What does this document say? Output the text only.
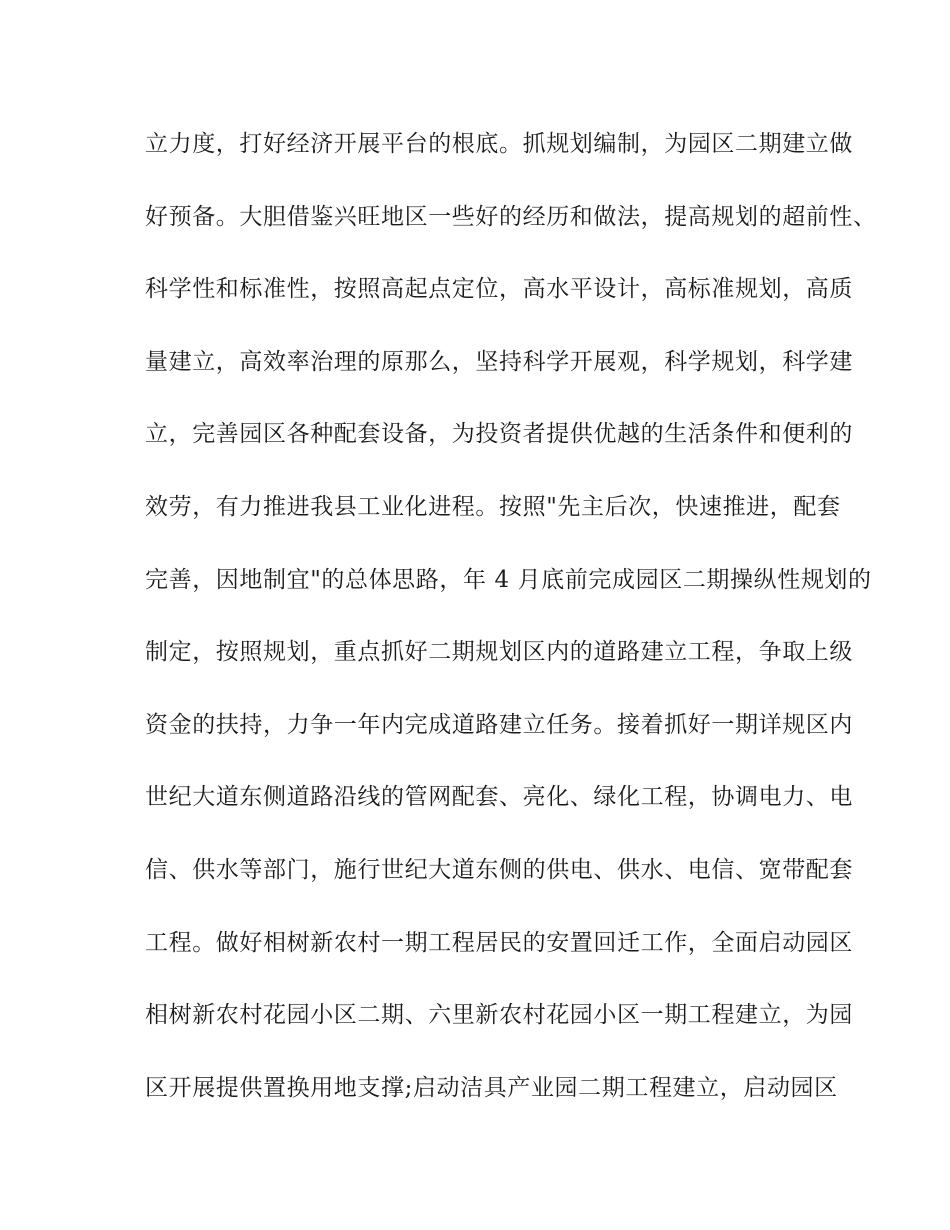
立力度，打好经济开展平台的根底。抓规划编制，为园区二期建立做
好预备。大胆借鉴兴旺地区一些好的经历和做法，提高规划的超前性、
科学性和标准性，按照高起点定位，高水平设计，高标准规划，高质
量建立，高效率治理的原那么，坚持科学开展观，科学规划，科学建
立，完善园区各种配套设备，为投资者提供优越的生活条件和便利的
效劳，有力推进我县工业化进程。按照"先主后次，快速推进，配套
完善，因地制宜"的总体思路，年 4 月底前完成园区二期操纵性规划的
制定，按照规划，重点抓好二期规划区内的道路建立工程，争取上级
资金的扶持，力争一年内完成道路建立任务。接着抓好一期详规区内
世纪大道东侧道路沿线的管网配套、亮化、绿化工程，协调电力、电
信、供水等部门，施行世纪大道东侧的供电、供水、电信、宽带配套
工程。做好相树新农村一期工程居民的安置回迁工作，全面启动园区
相树新农村花园小区二期、六里新农村花园小区一期工程建立，为园
区开展提供置换用地支撑;启动洁具产业园二期工程建立，启动园区
